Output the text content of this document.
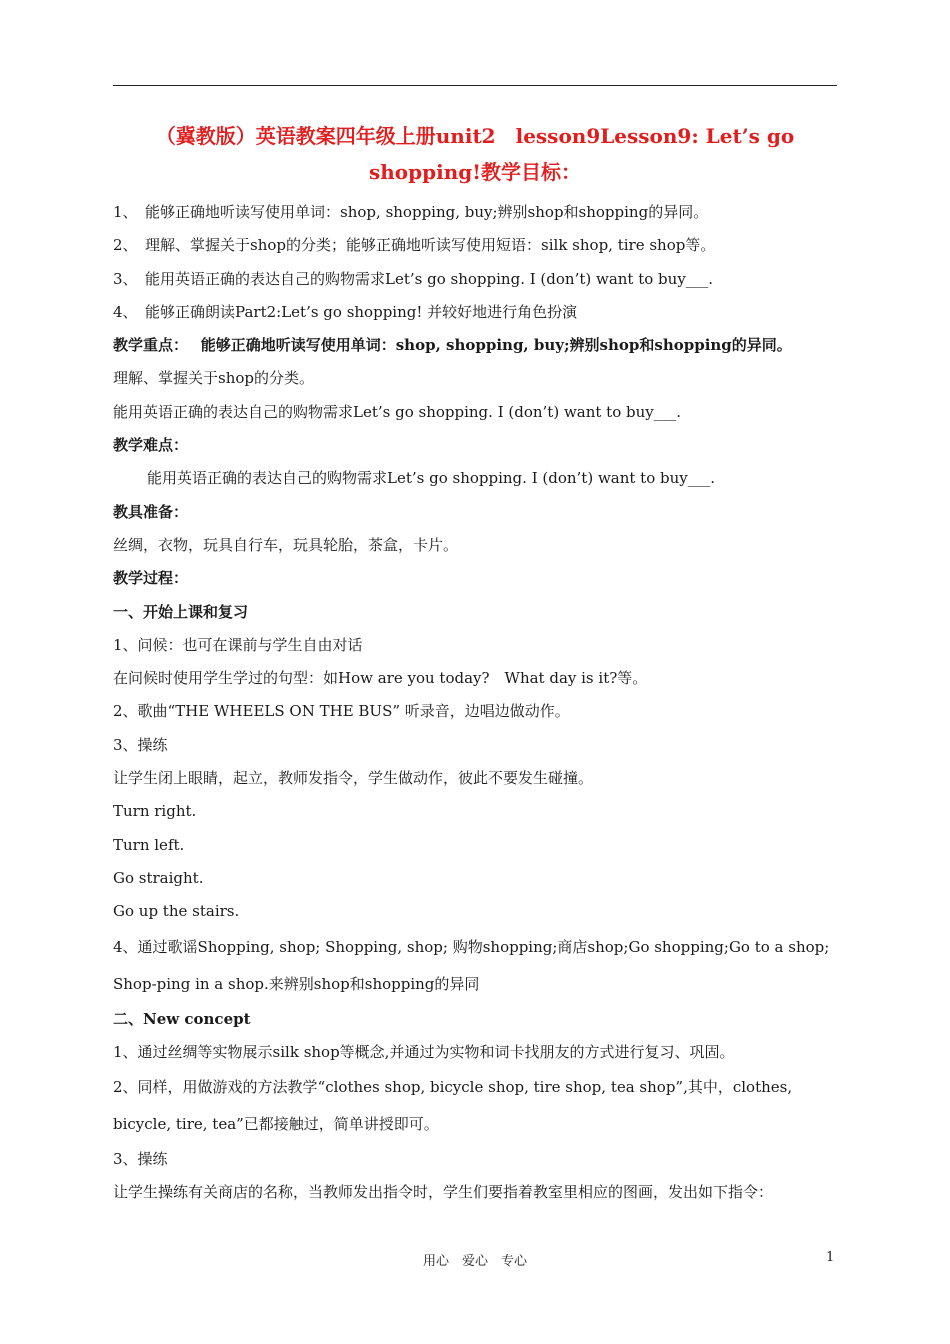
（冀教版）英语教案四年级上册unit2　lesson9Lesson9: Let’s go shopping!教学目标：

1、　能够正确地听读写使用单词：shop, shopping, buy;辨别shop和shopping的异同。

2、　理解、掌握关于shop的分类；能够正确地听读写使用短语：silk shop, tire shop等。

3、　能用英语正确的表达自己的购物需求Let’s go shopping. I (don’t) want to buy___.

4、　能够正确朗读Part2:Let’s go shopping! 并较好地进行角色扮演

教学重点：　 能够正确地听读写使用单词：shop, shopping, buy;辨别shop和shopping的异同。

理解、掌握关于shop的分类。

能用英语正确的表达自己的购物需求Let’s go shopping. I (don’t) want to buy___.

教学难点：

能用英语正确的表达自己的购物需求Let’s go shopping. I (don’t) want to buy___.

教具准备：

丝绸，衣物，玩具自行车，玩具轮胎，茶盒，卡片。

教学过程：

一、开始上课和复习

1、问候：也可在课前与学生自由对话

在问候时使用学生学过的句型：如How are you today?　What day is it?等。

2、歌曲“THE WHEELS ON THE BUS” 听录音，边唱边做动作。

3、操练

让学生闭上眼睛，起立，教师发指令，学生做动作，彼此不要发生碰撞。

Turn right.

Turn left.

Go straight.

Go up the stairs.

4、通过歌谣Shopping, shop; Shopping, shop; 购物shopping;商店shop;Go shopping;Go to a shop;　Shop-ping in a shop.来辨别shop和shopping的异同

二、New concept

1、通过丝绸等实物展示silk shop等概念,并通过为实物和词卡找朋友的方式进行复习、巩固。

2、同样，用做游戏的方法教学“clothes shop, bicycle shop, tire shop, tea shop”,其中，clothes, bicycle, tire, tea”已都接触过，简单讲授即可。

3、操练

让学生操练有关商店的名称，当教师发出指令时，学生们要指着教室里相应的图画，发出如下指令：

用心　爱心　专心	1
